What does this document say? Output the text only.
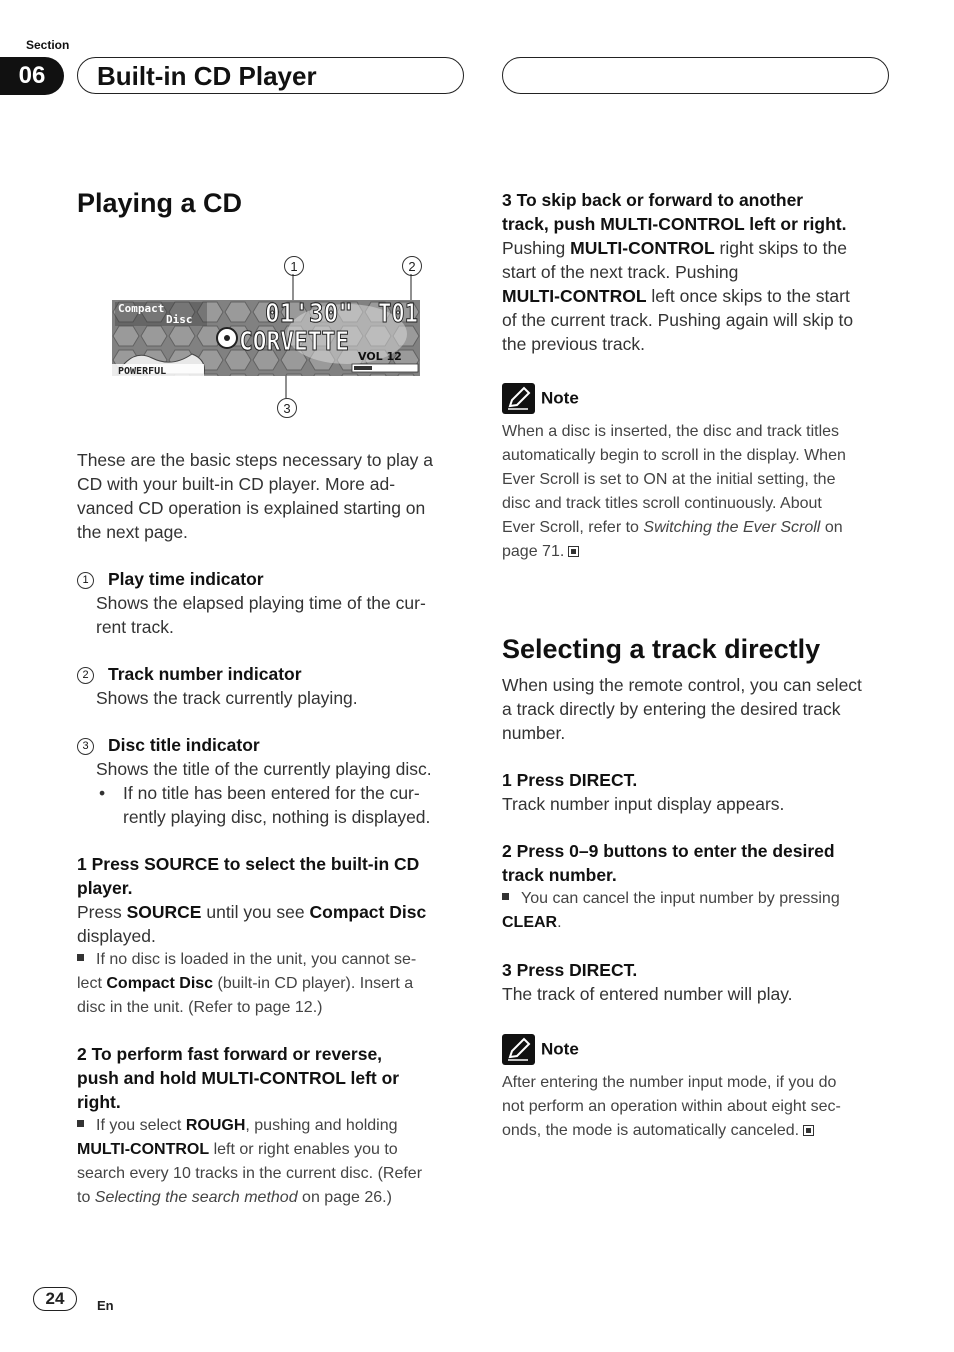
Section
06	Built-in CD Player
Playing a CD
1	2
3
Compact
Disc	01'30" T01
CORVETTE VOL 12
POWERFUL
These are the basic steps necessary to play a
CD with your built-in CD player. More ad-
vanced CD operation is explained starting on
the next page.
1 Play time indicator
Shows the elapsed playing time of the cur-
rent track.
2 Track number indicator
Shows the track currently playing.
3 Disc title indicator
Shows the title of the currently playing disc.
• If no title has been entered for the cur-
rently playing disc, nothing is displayed.
1 Press SOURCE to select the built-in CD
player.
Press SOURCE until you see Compact Disc
displayed.
If no disc is loaded in the unit, you cannot se-
lect Compact Disc (built-in CD player). Insert a
disc in the unit. (Refer to page 12.)
2 To perform fast forward or reverse,
push and hold MULTI-CONTROL left or
right.
If you select ROUGH, pushing and holding
MULTI-CONTROL left or right enables you to
search every 10 tracks in the current disc. (Refer
to Selecting the search method on page 26.)
3 To skip back or forward to another
track, push MULTI-CONTROL left or right.
Pushing MULTI-CONTROL right skips to the
start of the next track. Pushing
MULTI-CONTROL left once skips to the start
of the current track. Pushing again will skip to
the previous track.
Note
When a disc is inserted, the disc and track titles
automatically begin to scroll in the display. When
Ever Scroll is set to ON at the initial setting, the
disc and track titles scroll continuously. About
Ever Scroll, refer to Switching the Ever Scroll on
page 71.
Selecting a track directly
When using the remote control, you can select
a track directly by entering the desired track
number.
1 Press DIRECT.
Track number input display appears.
2 Press 0–9 buttons to enter the desired
track number.
You can cancel the input number by pressing
CLEAR.
3 Press DIRECT.
The track of entered number will play.
Note
After entering the number input mode, if you do
not perform an operation within about eight sec-
onds, the mode is automatically canceled.
24	En
